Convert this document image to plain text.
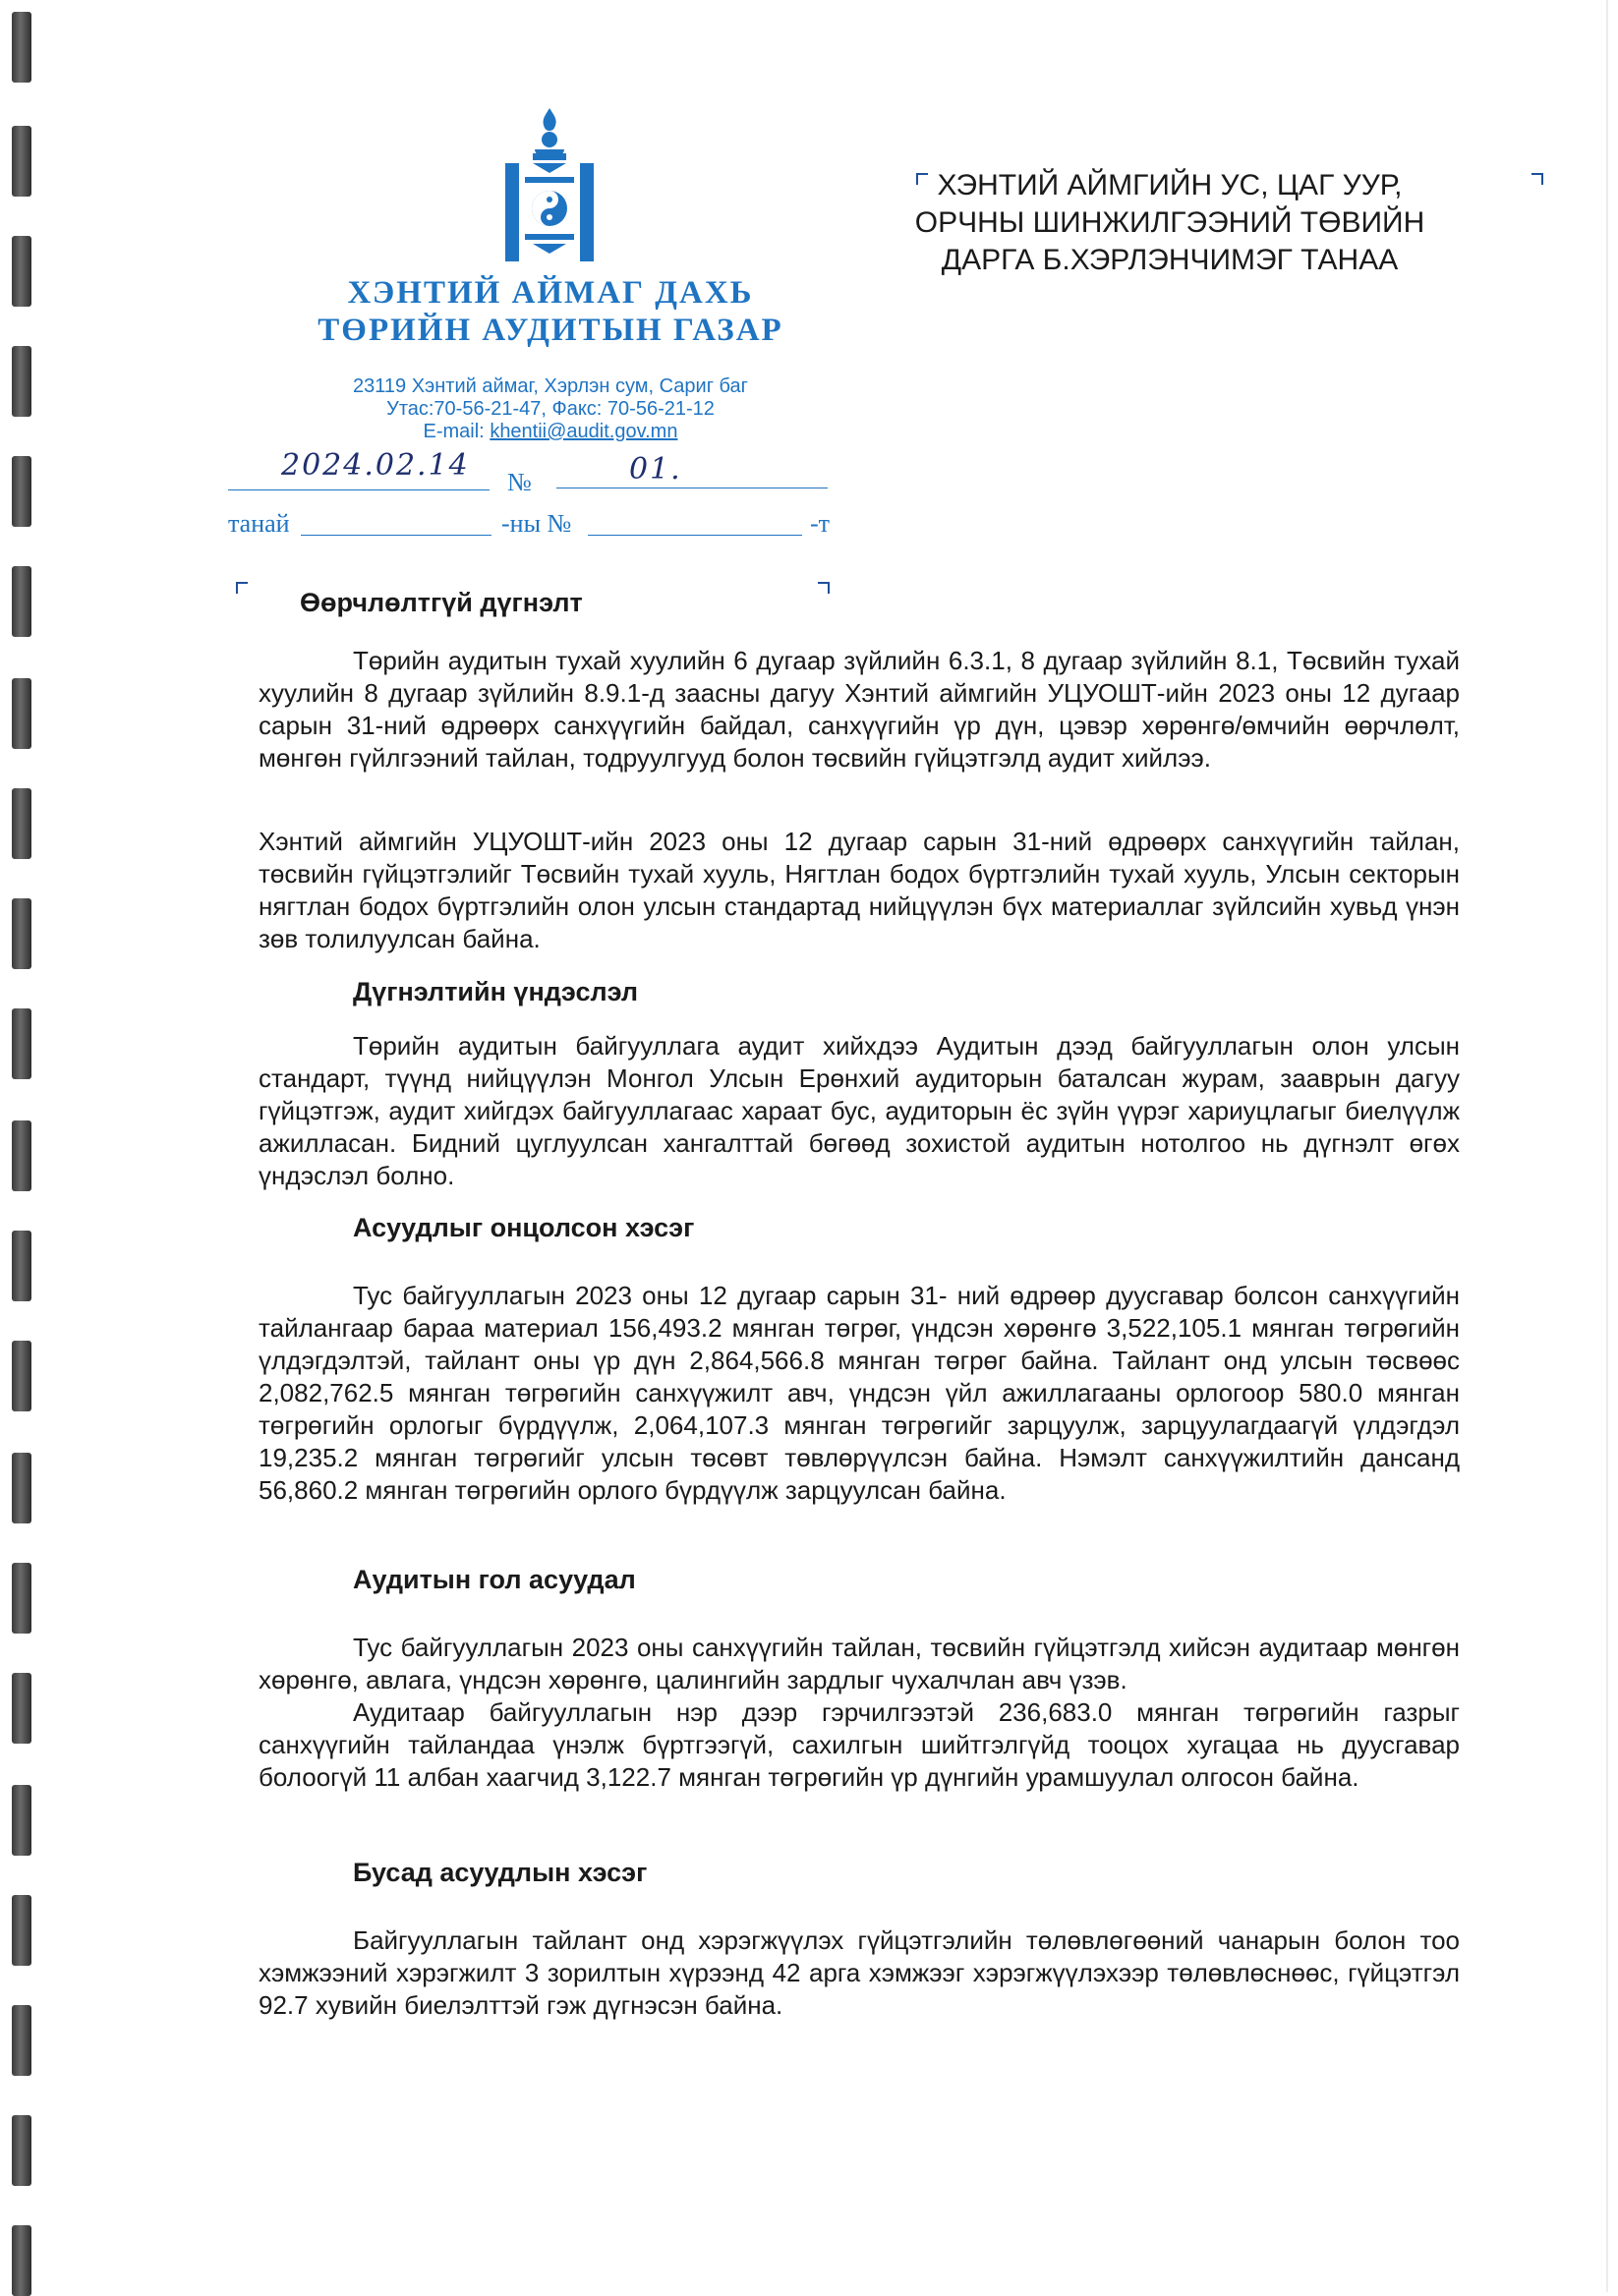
ХЭНТИЙ АЙМАГ ДАХЬ
ТӨРИЙН АУДИТЫН ГАЗАР
23119 Хэнтий аймаг, Хэрлэн сум, Сариг баг
Утас:70-56-21-47, Факс: 70-56-21-12
E-mail: khentii@audit.gov.mn
2024.02.14 №	01.
танай	-ны №	-т
ХЭНТИЙ АЙМГИЙН УС, ЦАГ УУР,
ОРЧНЫ ШИНЖИЛГЭЭНИЙ ТӨВИЙН
ДАРГА Б.ХЭРЛЭНЧИМЭГ ТАНАА
Өөрчлөлтгүй дүгнэлт
Төрийн аудитын тухай хуулийн 6 дугаар зүйлийн 6.3.1, 8 дугаар зүйлийн 8.1, Төсвийн тухай хуулийн 8 дугаар зүйлийн 8.9.1-д заасны дагуу Хэнтий аймгийн УЦУОШТ-ийн 2023 оны 12 дугаар сарын 31-ний өдрөөрх санхүүгийн байдал, санхүүгийн үр дүн, цэвэр хөрөнгө/өмчийн өөрчлөлт, мөнгөн гүйлгээний тайлан, тодруулгууд болон төсвийн гүйцэтгэлд аудит хийлээ.
Хэнтий аймгийн УЦУОШТ-ийн 2023 оны 12 дугаар сарын 31-ний өдрөөрх санхүүгийн тайлан, төсвийн гүйцэтгэлийг Төсвийн тухай хууль, Нягтлан бодох бүртгэлийн тухай хууль, Улсын секторын нягтлан бодох бүртгэлийн олон улсын стандартад нийцүүлэн бүх материаллаг зүйлсийн хувьд үнэн зөв толилуулсан байна.
Дүгнэлтийн үндэслэл
Төрийн аудитын байгууллага аудит хийхдээ Аудитын дээд байгууллагын олон улсын стандарт, түүнд нийцүүлэн Монгол Улсын Ерөнхий аудиторын баталсан журам, зааврын дагуу гүйцэтгэж, аудит хийгдэх байгууллагаас хараат бус, аудиторын ёс зүйн үүрэг хариуцлагыг биелүүлж ажилласан. Бидний цуглуулсан хангалттай бөгөөд зохистой аудитын нотолгоо нь дүгнэлт өгөх үндэслэл болно.
Асуудлыг онцолсон хэсэг
Тус байгууллагын 2023 оны 12 дугаар сарын 31- ний өдрөөр дуусгавар болсон санхүүгийн тайлангаар бараа материал 156,493.2 мянган төгрөг, үндсэн хөрөнгө 3,522,105.1 мянган төгрөгийн үлдэгдэлтэй, тайлант оны үр дүн 2,864,566.8 мянган төгрөг байна. Тайлант онд улсын төсвөөс 2,082,762.5 мянган төгрөгийн санхүүжилт авч, үндсэн үйл ажиллагааны орлогоор 580.0 мянган төгрөгийн орлогыг бүрдүүлж, 2,064,107.3 мянган төгрөгийг зарцуулж, зарцуулагдаагүй үлдэгдэл 19,235.2 мянган төгрөгийг улсын төсөвт төвлөрүүлсэн байна. Нэмэлт санхүүжилтийн дансанд 56,860.2 мянган төгрөгийн орлого бүрдүүлж зарцуулсан байна.
Аудитын гол асуудал
Тус байгууллагын 2023 оны санхүүгийн тайлан, төсвийн гүйцэтгэлд хийсэн аудитаар мөнгөн хөрөнгө, авлага, үндсэн хөрөнгө, цалингийн зардлыг чухалчлан авч үзэв.
Аудитаар байгууллагын нэр дээр гэрчилгээтэй 236,683.0 мянган төгрөгийн газрыг санхүүгийн тайландаа үнэлж бүртгээгүй, сахилгын шийтгэлгүйд тооцох хугацаа нь дуусгавар болоогүй 11 албан хаагчид 3,122.7 мянган төгрөгийн үр дүнгийн урамшуулал олгосон байна.
Бусад асуудлын хэсэг
Байгууллагын тайлант онд хэрэгжүүлэх гүйцэтгэлийн төлөвлөгөөний чанарын болон тоо хэмжээний хэрэгжилт 3 зорилтын хүрээнд 42 арга хэмжээг хэрэгжүүлэхээр төлөвлөснөөс, гүйцэтгэл 92.7 хувийн биелэлттэй гэж дүгнэсэн байна.
